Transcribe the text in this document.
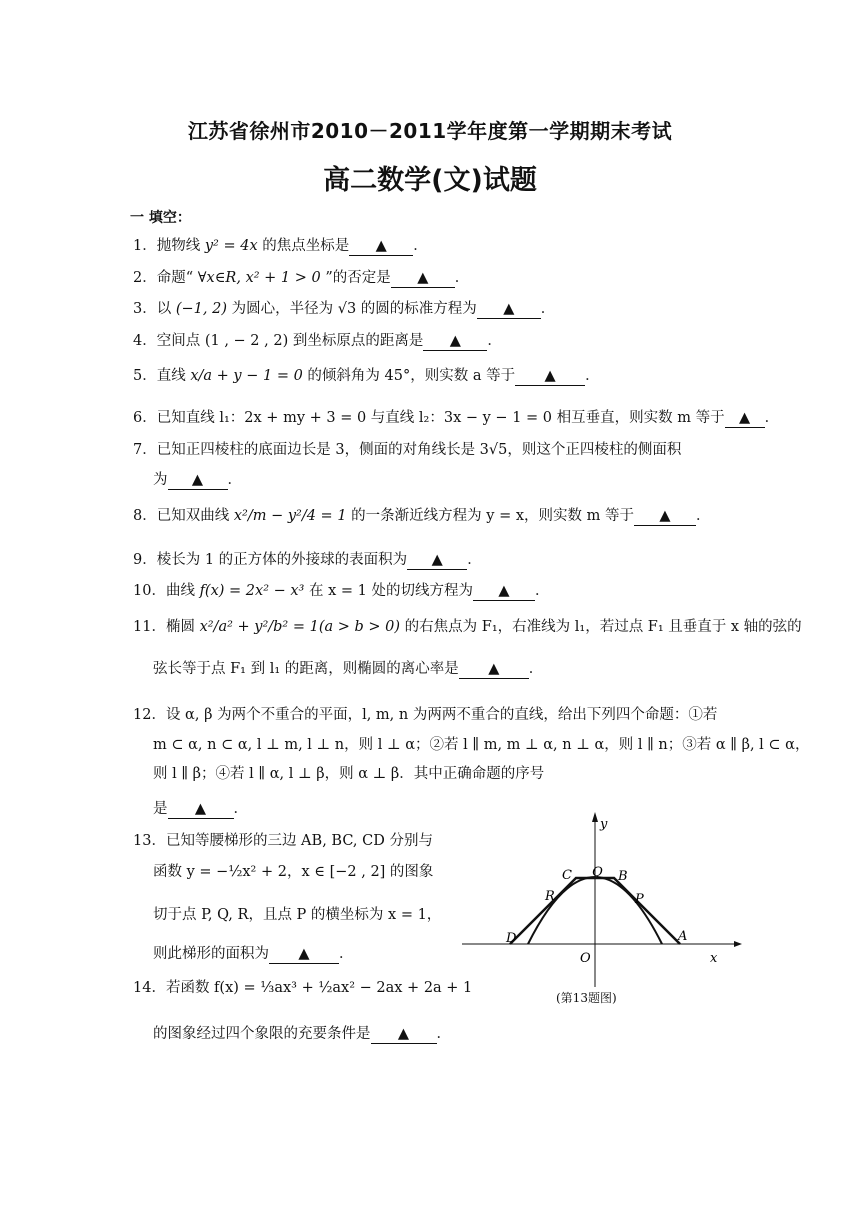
江苏省徐州市2010－2011学年度第一学期期末考试
高二数学(文)试题
一 填空：
1．抛物线 y² = 4x 的焦点坐标是 ▲ ．
2．命题“ ∀x∈R, x² + 1 > 0 ”的否定是 ▲ ．
3．以 (−1, 2) 为圆心，半径为 √3 的圆的标准方程为 ▲ ．
4．空间点 (1 , − 2 , 2) 到坐标原点的距离是 ▲ ．
5．直线 x/a + y − 1 = 0 的倾斜角为 45°，则实数 a 等于 ▲ ．
6．已知直线 l₁：2x + my + 3 = 0 与直线 l₂：3x − y − 1 = 0 相互垂直，则实数 m 等于 ▲ ．
7．已知正四棱柱的底面边长是 3，侧面的对角线长是 3√5，则这个正四棱柱的侧面积
为 ▲ ．
8．已知双曲线 x²/m − y²/4 = 1 的一条渐近线方程为 y = x，则实数 m 等于 ▲ ．
9．棱长为 1 的正方体的外接球的表面积为 ▲ ．
10．曲线 f(x) = 2x² − x³ 在 x = 1 处的切线方程为 ▲ ．
11．椭圆 x²/a² + y²/b² = 1(a > b > 0) 的右焦点为 F₁，右准线为 l₁，若过点 F₁ 且垂直于 x 轴的弦的
弦长等于点 F₁ 到 l₁ 的距离，则椭圆的离心率是 ▲ ．
12．设 α, β 为两个不重合的平面，l, m, n 为两两不重合的直线，给出下列四个命题：①若
m ⊂ α, n ⊂ α, l ⊥ m, l ⊥ n，则 l ⊥ α；②若 l ∥ m, m ⊥ α, n ⊥ α，则 l ∥ n；③若 α ∥ β, l ⊂ α，
则 l ∥ β；④若 l ∥ α, l ⊥ β，则 α ⊥ β．其中正确命题的序号
是 ▲ ．
13．已知等腰梯形的三边 AB, BC, CD 分别与
函数 y = −½x² + 2，x ∈ [−2 , 2] 的图象
切于点 P, Q, R，且点 P 的横坐标为 x = 1，
则此梯形的面积为 ▲ ．
14．若函数 f(x) = ⅓ax³ + ½ax² − 2ax + 2a + 1
的图象经过四个象限的充要条件是 ▲ ．
C Q B
R	P
D	A
O	x
y
(第13题图)
